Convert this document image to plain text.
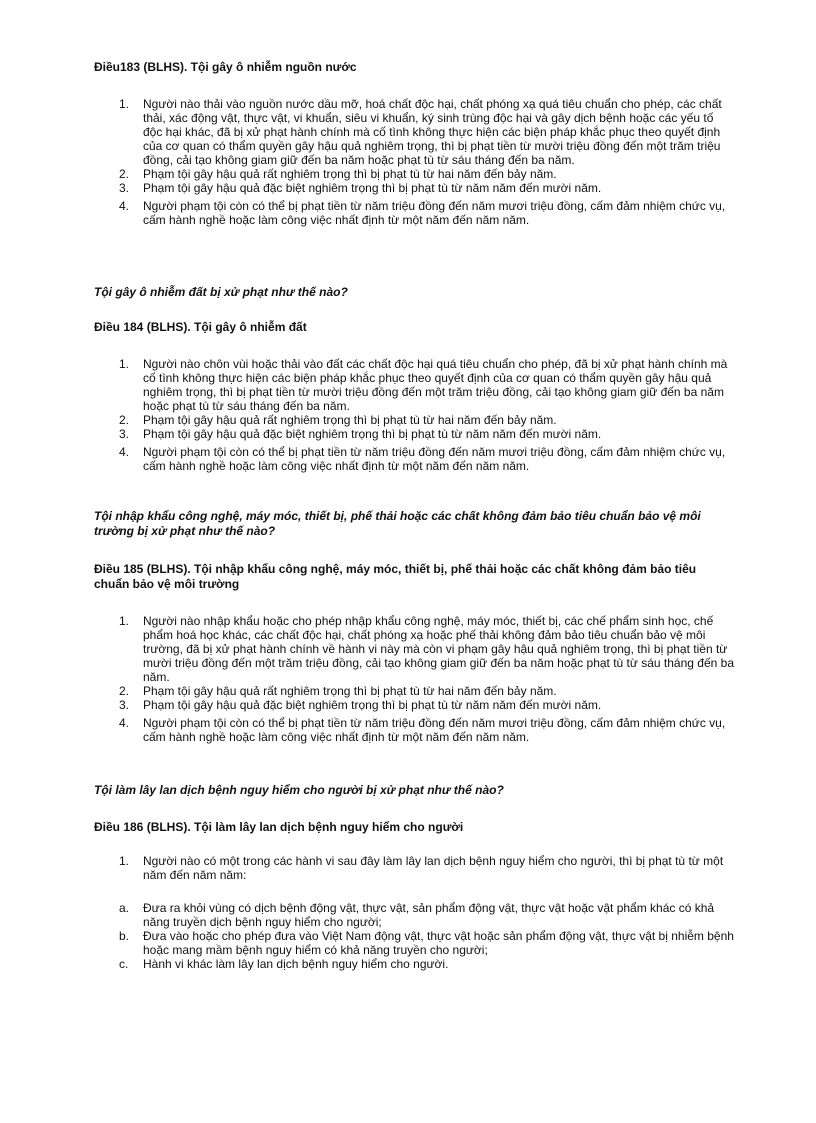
Điều183 (BLHS). Tội gây ô nhiễm nguồn nước

1. Người nào thải vào nguồn nước dầu mỡ, hoá chất độc hại, chất phóng xạ quá tiêu chuẩn cho phép, các chất thải, xác động vật, thực vật, vi khuẩn, siêu vi khuẩn, ký sinh trùng độc hại và gây dịch bệnh hoặc các yếu tố độc hại khác, đã bị xử phạt hành chính mà cố tình không thực hiện các biện pháp khắc phục theo quyết định của cơ quan có thẩm quyền gây hậu quả nghiêm trọng, thì bị phạt tiền từ mười triệu đồng đến một trăm triệu đồng, cải tạo không giam giữ đến ba năm hoặc phạt tù từ sáu tháng đến ba năm.
2. Phạm tội gây hậu quả rất nghiêm trọng thì bị phạt tù từ hai năm đến bảy năm.
3. Phạm tội gây hậu quả đặc biệt nghiêm trọng thì bị phạt tù từ năm năm đến mười năm.
4. Người phạm tội còn có thể bị phạt tiền từ năm triệu đồng đến năm mươi triệu đồng, cấm đảm nhiệm chức vụ, cấm hành nghề hoặc làm công việc nhất định từ một năm đến năm năm.

Tội gây ô nhiễm đất bị xử phạt như thế nào?

Điều 184 (BLHS). Tội gây ô nhiễm đất

1. Người nào chôn vùi hoặc thải vào đất các chất độc hại quá tiêu chuẩn cho phép, đã bị xử phạt hành chính mà cố tình không thực hiện các biện pháp khắc phục theo quyết định của cơ quan có thẩm quyền gây hậu quả nghiêm trọng, thì bị phạt tiền từ mười triệu đồng đến một trăm triệu đồng, cải tạo không giam giữ đến ba năm hoặc phạt tù từ sáu tháng đến ba năm.
2. Phạm tội gây hậu quả rất nghiêm trọng thì bị phạt tù từ hai năm đến bảy năm.
3. Phạm tội gây hậu quả đặc biệt nghiêm trọng thì bị phạt tù từ năm năm đến mười năm.
4. Người phạm tội còn có thể bị phạt tiền từ năm triệu đồng đến năm mươi triệu đồng, cấm đảm nhiệm chức vụ, cấm hành nghề hoặc làm công việc nhất định từ một năm đến năm năm.

Tội nhập khẩu công nghệ, máy móc, thiết bị, phế thải hoặc các chất không đảm bảo tiêu chuẩn bảo vệ môi trường bị xử phạt như thế nào?

Điều 185 (BLHS). Tội nhập khẩu công nghệ, máy móc, thiết bị, phế thải hoặc các chất không đảm bảo tiêu chuẩn bảo vệ môi trường

1. Người nào nhập khẩu hoặc cho phép nhập khẩu công nghệ, máy móc, thiết bị, các chế phẩm sinh học, chế phẩm hoá học khác, các chất độc hại, chất phóng xạ hoặc phế thải không đảm bảo tiêu chuẩn bảo vệ môi trường, đã bị xử phạt hành chính về hành vi này mà còn vi phạm gây hậu quả nghiêm trọng, thì bị phạt tiền từ mười triệu đồng đến một trăm triệu đồng, cải tạo không giam giữ đến ba năm hoặc phạt tù từ sáu tháng đến ba năm.
2. Phạm tội gây hậu quả rất nghiêm trọng thì bị phạt tù từ hai năm đến bảy năm.
3. Phạm tội gây hậu quả đặc biệt nghiêm trọng thì bị phạt tù từ năm năm đến mười năm.
4. Người phạm tội còn có thể bị phạt tiền từ năm triệu đồng đến năm mươi triệu đồng, cấm đảm nhiệm chức vụ, cấm hành nghề hoặc làm công việc nhất định từ một năm đến năm năm.

Tội làm lây lan dịch bệnh nguy hiểm cho người bị xử phạt như thế nào?

Điều 186 (BLHS). Tội làm lây lan dịch bệnh nguy hiểm cho người

1. Người nào có một trong các hành vi sau đây làm lây lan dịch bệnh nguy hiểm cho người, thì bị phạt tù từ một năm đến năm năm:
a. Đưa ra khỏi vùng có dịch bệnh động vật, thực vật, sản phẩm động vật, thực vật hoặc vật phẩm khác có khả năng truyền dịch bệnh nguy hiểm cho người;
b. Đưa vào hoặc cho phép đưa vào Việt Nam động vật, thực vật hoặc sản phẩm động vật, thực vật bị nhiễm bệnh hoặc mang mầm bệnh nguy hiểm có khả năng truyền cho người;
c. Hành vi khác làm lây lan dịch bệnh nguy hiểm cho người.
